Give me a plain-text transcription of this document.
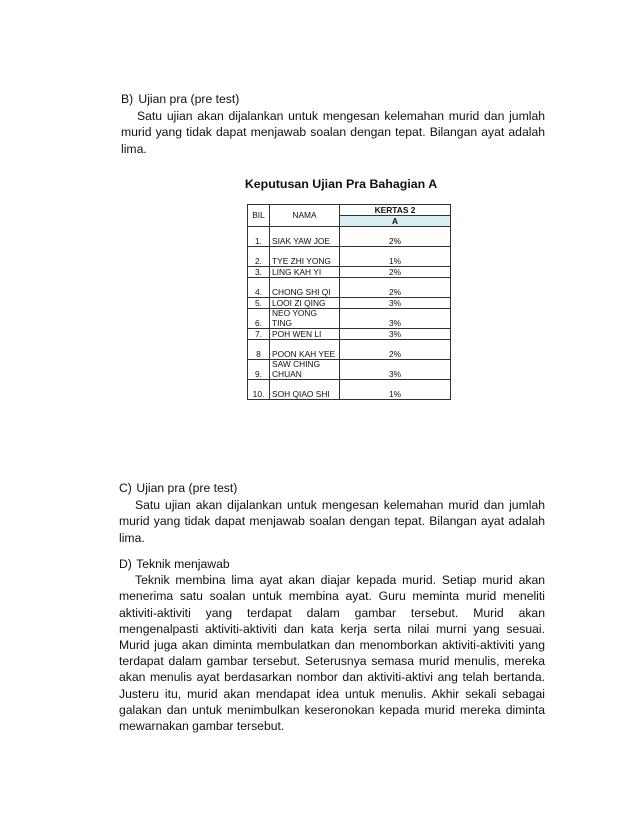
B) Ujian pra (pre test)

Satu ujian akan dijalankan untuk mengesan kelemahan murid dan jumlah murid yang tidak dapat menjawab soalan dengan tepat. Bilangan ayat adalah lima.

Keputusan Ujian Pra Bahagian A
BIL	NAMA	KERTAS 2
		A
1.	SIAK YAW JOE	2%
2.	TYE ZHI YONG	1%
3.	LING KAH YI	2%
4.	CHONG SHI QI	2%
5.	LOOI ZI QING	3%
6.	NEO YONG TING	3%
7.	POH WEN LI	3%
8	POON KAH YEE	2%
9.	SAW CHING CHUAN	3%
10.	SOH QIAO SHI	1%
C) Ujian pra (pre test)

Satu ujian akan dijalankan untuk mengesan kelemahan murid dan jumlah murid yang tidak dapat menjawab soalan dengan tepat. Bilangan ayat adalah lima.

D) Teknik menjawab

Teknik membina lima ayat akan diajar kepada murid. Setiap murid akan menerima satu soalan untuk membina ayat. Guru meminta murid meneliti aktiviti-aktiviti yang terdapat dalam gambar tersebut. Murid akan mengenalpasti aktiviti-aktiviti dan kata kerja serta nilai murni yang sesuai. Murid juga akan diminta membulatkan dan menomborkan aktiviti-aktiviti yang terdapat dalam gambar tersebut. Seterusnya semasa murid menulis, mereka akan menulis ayat berdasarkan nombor dan aktiviti-aktivi ang telah bertanda. Justeru itu, murid akan mendapat idea untuk menulis. Akhir sekali sebagai galakan dan untuk menimbulkan keseronokan kepada murid mereka diminta mewarnakan gambar tersebut.
